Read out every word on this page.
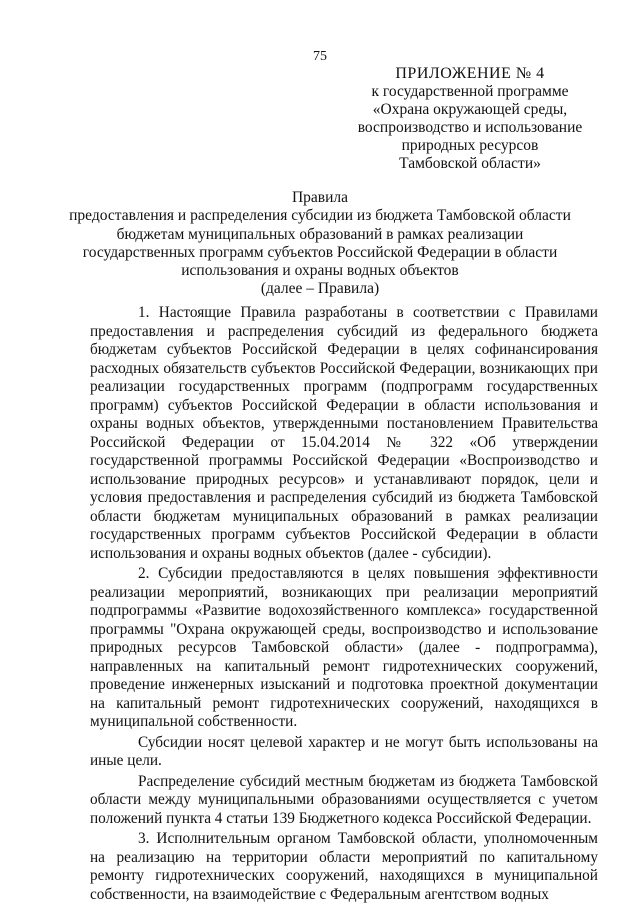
75
ПРИЛОЖЕНИЕ № 4
к государственной программе
«Охрана окружающей среды,
воспроизводство и использование
природных ресурсов
Тамбовской области»
Правила
предоставления и распределения субсидии из бюджета Тамбовской области
бюджетам муниципальных образований в рамках реализации
государственных программ субъектов Российской Федерации в области
использования и охраны водных объектов
(далее – Правила)

1. Настоящие Правила разработаны в соответствии с Правилами предоставления и распределения субсидий из федерального бюджета бюджетам субъектов Российской Федерации в целях софинансирования расходных обязательств субъектов Российской Федерации, возникающих при реализации государственных программ (подпрограмм государственных программ) субъектов Российской Федерации в области использования и охраны водных объектов, утвержденными постановлением Правительства Российской Федерации от 15.04.2014 № 322 «Об утверждении государственной программы Российской Федерации «Воспроизводство и использование природных ресурсов» и устанавливают порядок, цели и условия предоставления и распределения субсидий из бюджета Тамбовской области бюджетам муниципальных образований в рамках реализации государственных программ субъектов Российской Федерации в области использования и охраны водных объектов (далее - субсидии).

2. Субсидии предоставляются в целях повышения эффективности реализации мероприятий, возникающих при реализации мероприятий подпрограммы «Развитие водохозяйственного комплекса» государственной программы "Охрана окружающей среды, воспроизводство и использование природных ресурсов Тамбовской области» (далее - подпрограмма), направленных на капитальный ремонт гидротехнических сооружений, проведение инженерных изысканий и подготовка проектной документации на капитальный ремонт гидротехнических сооружений, находящихся в муниципальной собственности.

Субсидии носят целевой характер и не могут быть использованы на иные цели.

Распределение субсидий местным бюджетам из бюджета Тамбовской области между муниципальными образованиями осуществляется с учетом положений пункта 4 статьи 139 Бюджетного кодекса Российской Федерации.

3. Исполнительным органом Тамбовской области, уполномоченным на реализацию на территории области мероприятий по капитальному ремонту гидротехнических сооружений, находящихся в муниципальной собственности, на взаимодействие с Федеральным агентством водных
